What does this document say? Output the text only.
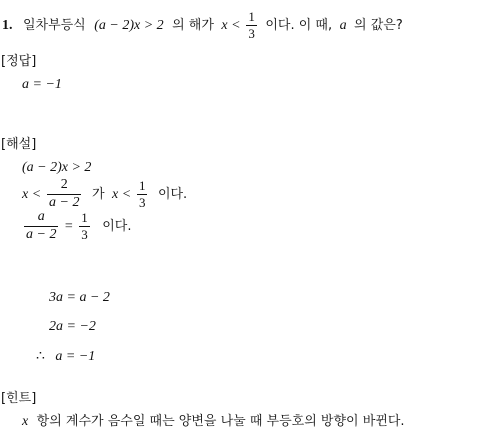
1. 일차부등식 (a − 2)x > 2 의 해가 $x < \frac{1}{3}$ 이다. 이 때, a 의 값은?
[정답]
a = −1
[해설]
(a − 2)x > 2
$x < \frac{2}{a - 2}$ 가 $x < \frac{1}{3}$ 이다.
$\frac{a}{a - 2} = \frac{1}{3}$ 이다.
3a = a − 2
2a = −2
∴ a = −1
[힌트]
x 항의 계수가 음수일 때는 양변을 나눌 때 부등호의 방향이 바뀐다.
